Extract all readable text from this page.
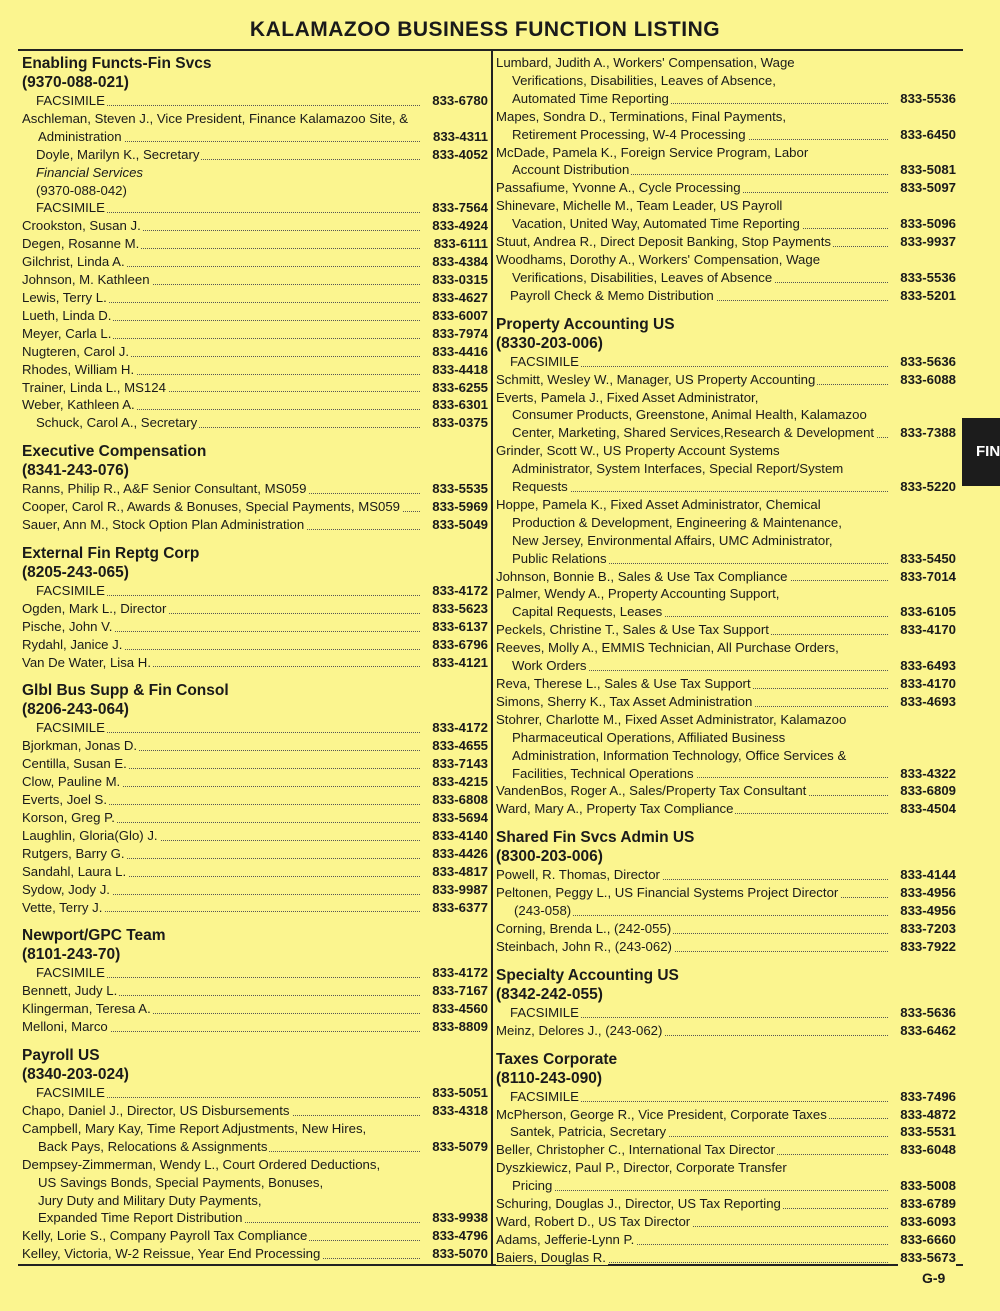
KALAMAZOO BUSINESS FUNCTION LISTING
Enabling Functs-Fin Svcs
(9370-088-021)
FACSIMILE	833-6780
Aschleman, Steven J., Vice President, Finance Kalamazoo Site, &
Administration	833-4311
Doyle, Marilyn K., Secretary	833-4052
Financial Services
(9370-088-042)
FACSIMILE	833-7564
Crookston, Susan J.	833-4924
Degen, Rosanne M.	833-6111
Gilchrist, Linda A.	833-4384
Johnson, M. Kathleen	833-0315
Lewis, Terry L.	833-4627
Lueth, Linda D.	833-6007
Meyer, Carla L.	833-7974
Nugteren, Carol J.	833-4416
Rhodes, William H.	833-4418
Trainer, Linda L., MS124	833-6255
Weber, Kathleen A.	833-6301
Schuck, Carol A., Secretary	833-0375
Executive Compensation
(8341-243-076)
Ranns, Philip R., A&F Senior Consultant, MS059	833-5535
Cooper, Carol R., Awards & Bonuses, Special Payments, MS059 833-5969
Sauer, Ann M., Stock Option Plan Administration	833-5049
External Fin Reptg Corp
(8205-243-065)
FACSIMILE	833-4172
Ogden, Mark L., Director	833-5623
Pische, John V.	833-6137
Rydahl, Janice J.	833-6796
Van De Water, Lisa H.	833-4121
Glbl Bus Supp & Fin Consol
(8206-243-064)
FACSIMILE	833-4172
Bjorkman, Jonas D.	833-4655
Centilla, Susan E.	833-7143
Clow, Pauline M.	833-4215
Everts, Joel S.	833-6808
Korson, Greg P.	833-5694
Laughlin, Gloria(Glo) J.	833-4140
Rutgers, Barry G.	833-4426
Sandahl, Laura L.	833-4817
Sydow, Jody J.	833-9987
Vette, Terry J.	833-6377
Newport/GPC Team
(8101-243-70)
FACSIMILE	833-4172
Bennett, Judy L.	833-7167
Klingerman, Teresa A.	833-4560
Melloni, Marco	833-8809
Payroll US
(8340-203-024)
FACSIMILE	833-5051
Chapo, Daniel J., Director, US Disbursements	833-4318
Campbell, Mary Kay, Time Report Adjustments, New Hires,
Back Pays, Relocations & Assignments	833-5079
Dempsey-Zimmerman, Wendy L., Court Ordered Deductions,
US Savings Bonds, Special Payments, Bonuses,
Jury Duty and Military Duty Payments,
Expanded Time Report Distribution	833-9938
Kelly, Lorie S., Company Payroll Tax Compliance	833-4796
Kelley, Victoria, W-2 Reissue, Year End Processing	833-5070
Lumbard, Judith A., Workers' Compensation, Wage
Verifications, Disabilities, Leaves of Absence,
Automated Time Reporting	833-5536
Mapes, Sondra D., Terminations, Final Payments,
Retirement Processing, W-4 Processing	833-6450
McDade, Pamela K., Foreign Service Program, Labor
Account Distribution	833-5081
Passafiume, Yvonne A., Cycle Processing	833-5097
Shinevare, Michelle M., Team Leader, US Payroll
Vacation, United Way, Automated Time Reporting	833-5096
Stuut, Andrea R., Direct Deposit Banking, Stop Payments	833-9937
Woodhams, Dorothy A., Workers' Compensation, Wage
Verifications, Disabilities, Leaves of Absence	833-5536
Payroll Check & Memo Distribution	833-5201
Property Accounting US
(8330-203-006)
FACSIMILE	833-5636
Schmitt, Wesley W., Manager, US Property Accounting	833-6088
Everts, Pamela J., Fixed Asset Administrator,
Consumer Products, Greenstone, Animal Health, Kalamazoo
Center, Marketing, Shared Services,Research & Development 833-7388
Grinder, Scott W., US Property Account Systems
Administrator, System Interfaces, Special Report/System
Requests	833-5220
Hoppe, Pamela K., Fixed Asset Administrator, Chemical
Production & Development, Engineering & Maintenance,
New Jersey, Environmental Affairs, UMC Administrator,
Public Relations	833-5450
Johnson, Bonnie B., Sales & Use Tax Compliance	833-7014
Palmer, Wendy A., Property Accounting Support,
Capital Requests, Leases	833-6105
Peckels, Christine T., Sales & Use Tax Support	833-4170
Reeves, Molly A., EMMIS Technician, All Purchase Orders,
Work Orders	833-6493
Reva, Therese L., Sales & Use Tax Support	833-4170
Simons, Sherry K., Tax Asset Administration	833-4693
Stohrer, Charlotte M., Fixed Asset Administrator, Kalamazoo
Pharmaceutical Operations, Affiliated Business
Administration, Information Technology, Office Services &
Facilities, Technical Operations	833-4322
VandenBos, Roger A., Sales/Property Tax Consultant	833-6809
Ward, Mary A., Property Tax Compliance	833-4504
Shared Fin Svcs Admin US
(8300-203-006)
Powell, R. Thomas, Director	833-4144
Peltonen, Peggy L., US Financial Systems Project Director	833-4956
(243-058)	833-4956
Corning, Brenda L., (242-055)	833-7203
Steinbach, John R., (243-062)	833-7922
Specialty Accounting US
(8342-242-055)
FACSIMILE	833-5636
Meinz, Delores J., (243-062)	833-6462
Taxes Corporate
(8110-243-090)
FACSIMILE	833-7496
McPherson, George R., Vice President, Corporate Taxes	833-4872
Santek, Patricia, Secretary	833-5531
Beller, Christopher C., International Tax Director	833-6048
Dyszkiewicz, Paul P., Director, Corporate Transfer
Pricing	833-5008
Schuring, Douglas J., Director, US Tax Reporting	833-6789
Ward, Robert D., US Tax Director	833-6093
Adams, Jefferie-Lynn P.	833-6660
Baiers, Douglas R.	833-5673
FIN
G-9
